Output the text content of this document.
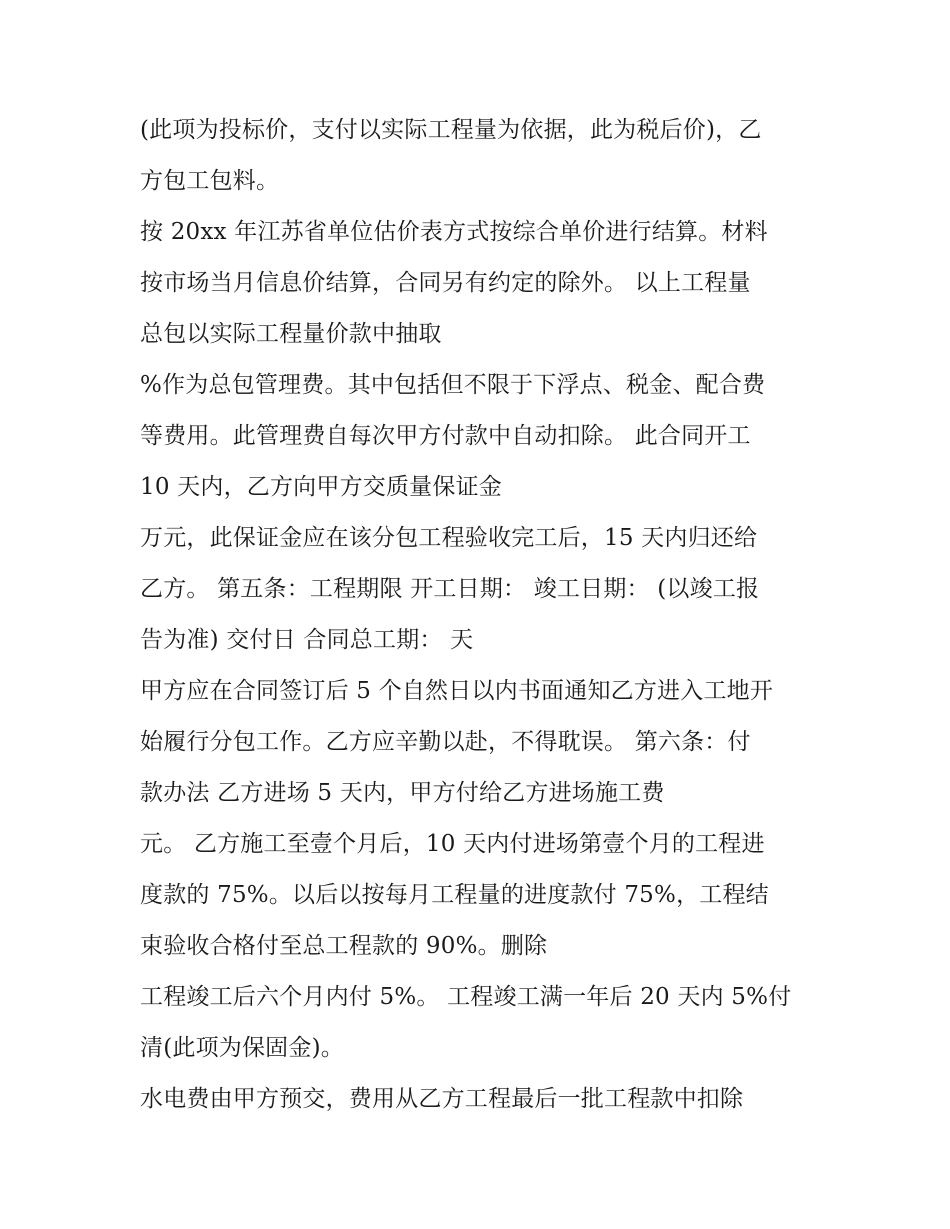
(此项为投标价，支付以实际工程量为依据，此为税后价)，乙
方包工包料。
按 20xx 年江苏省单位估价表方式按综合单价进行结算。材料
按市场当月信息价结算，合同另有约定的除外。 以上工程量
总包以实际工程量价款中抽取
%作为总包管理费。其中包括但不限于下浮点、税金、配合费
等费用。此管理费自每次甲方付款中自动扣除。 此合同开工
10 天内，乙方向甲方交质量保证金
万元，此保证金应在该分包工程验收完工后，15 天内归还给
乙方。 第五条：工程期限 开工日期： 竣工日期： (以竣工报
告为准) 交付日 合同总工期： 天
甲方应在合同签订后 5 个自然日以内书面通知乙方进入工地开
始履行分包工作。乙方应辛勤以赴，不得耽误。 第六条：付
款办法 乙方进场 5 天内，甲方付给乙方进场施工费
元。 乙方施工至壹个月后，10 天内付进场第壹个月的工程进
度款的 75%。以后以按每月工程量的进度款付 75%，工程结
束验收合格付至总工程款的 90%。删除
工程竣工后六个月内付 5%。 工程竣工满一年后 20 天内 5%付
清(此项为保固金)。
水电费由甲方预交，费用从乙方工程最后一批工程款中扣除
